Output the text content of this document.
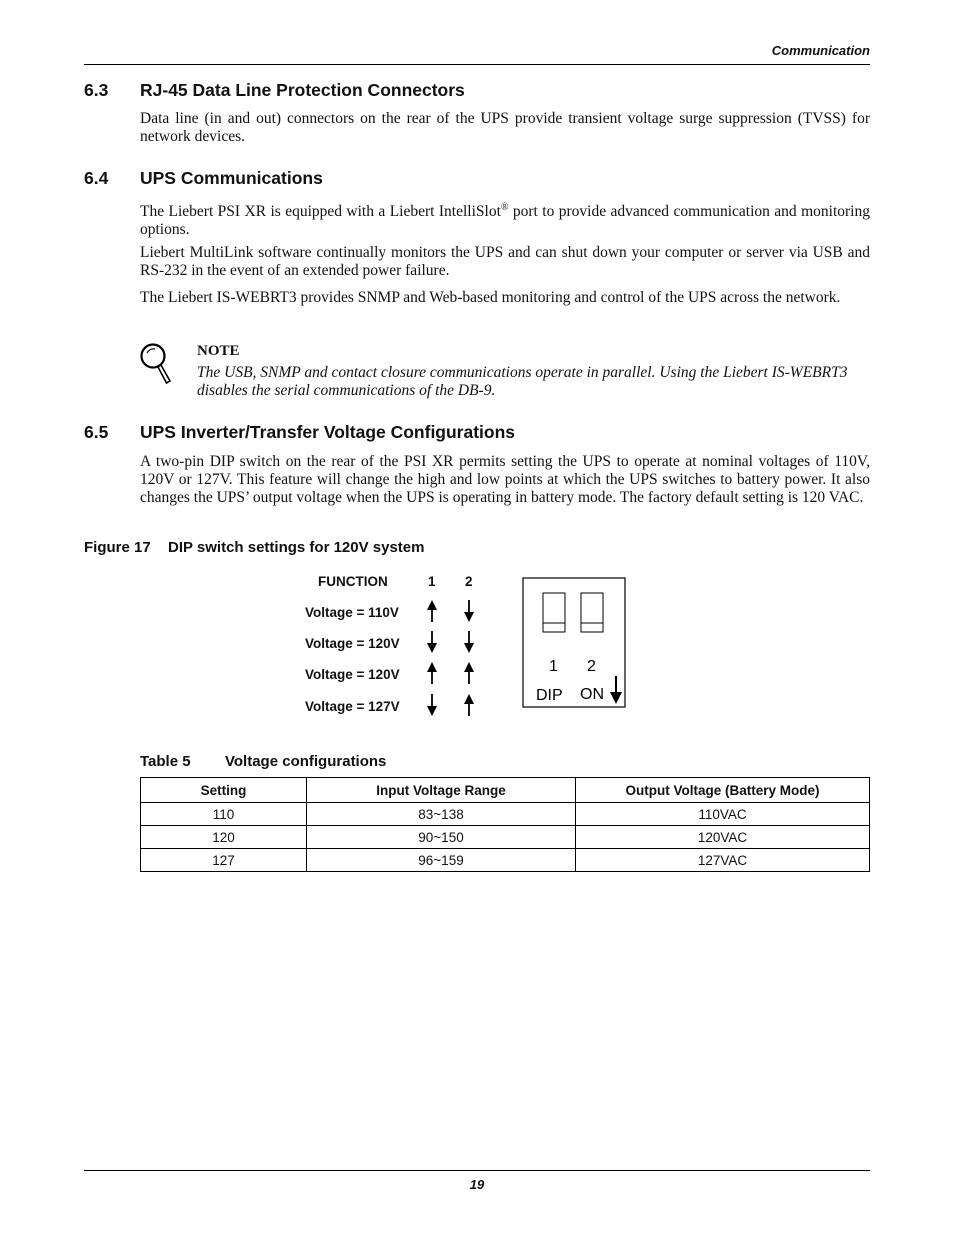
Communication
6.3 RJ-45 Data Line Protection Connectors
Data line (in and out) connectors on the rear of the UPS provide transient voltage surge suppression (TVSS) for network devices.
6.4 UPS Communications
The Liebert PSI XR is equipped with a Liebert IntelliSlot® port to provide advanced communication and monitoring options.
Liebert MultiLink software continually monitors the UPS and can shut down your computer or server via USB and RS-232 in the event of an extended power failure.
The Liebert IS-WEBRT3 provides SNMP and Web-based monitoring and control of the UPS across the network.
NOTE
The USB, SNMP and contact closure communications operate in parallel. Using the Liebert IS-WEBRT3 disables the serial communications of the DB-9.
6.5 UPS Inverter/Transfer Voltage Configurations
A two-pin DIP switch on the rear of the PSI XR permits setting the UPS to operate at nominal voltages of 110V, 120V or 127V. This feature will change the high and low points at which the UPS switches to battery power. It also changes the UPS’ output voltage when the UPS is operating in battery mode. The factory default setting is 120 VAC.
Figure 17 DIP switch settings for 120V system
FUNCTION	1 2
Voltage = 110V
Voltage = 120V
Voltage = 120V
Voltage = 127V
1 2
DIP ON
Table 5 Voltage configurations
Setting	Input Voltage Range	Output Voltage (Battery Mode)
110	83~138	110VAC
120	90~150	120VAC
127	96~159	127VAC
19
